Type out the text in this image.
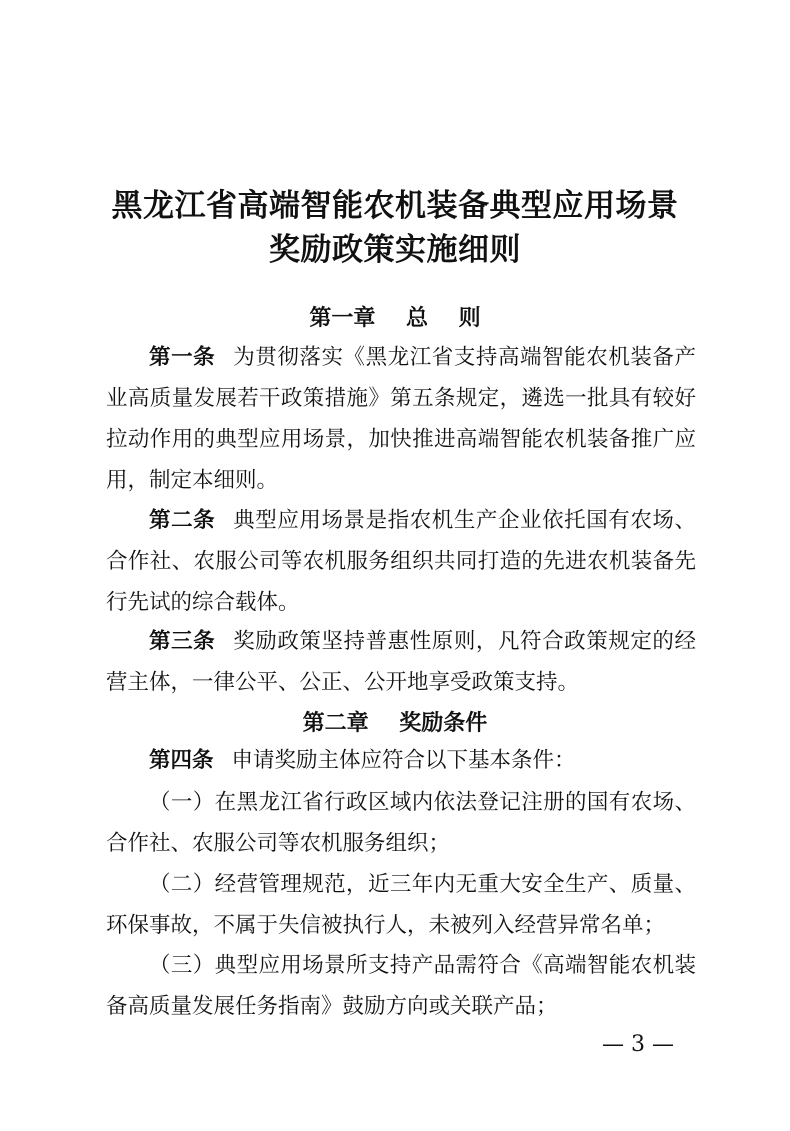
黑龙江省高端智能农机装备典型应用场景
奖励政策实施细则
第一章    总    则
第一条 为贯彻落实《黑龙江省支持高端智能农机装备产业高质量发展若干政策措施》第五条规定，遴选一批具有较好拉动作用的典型应用场景，加快推进高端智能农机装备推广应用，制定本细则。
第二条 典型应用场景是指农机生产企业依托国有农场、合作社、农服公司等农机服务组织共同打造的先进农机装备先行先试的综合载体。
第三条 奖励政策坚持普惠性原则，凡符合政策规定的经营主体，一律公平、公正、公开地享受政策支持。
第二章    奖励条件
第四条 申请奖励主体应符合以下基本条件：
（一）在黑龙江省行政区域内依法登记注册的国有农场、合作社、农服公司等农机服务组织；
（二）经营管理规范，近三年内无重大安全生产、质量、环保事故，不属于失信被执行人，未被列入经营异常名单；
（三）典型应用场景所支持产品需符合《高端智能农机装备高质量发展任务指南》鼓励方向或关联产品；
— 3 —
